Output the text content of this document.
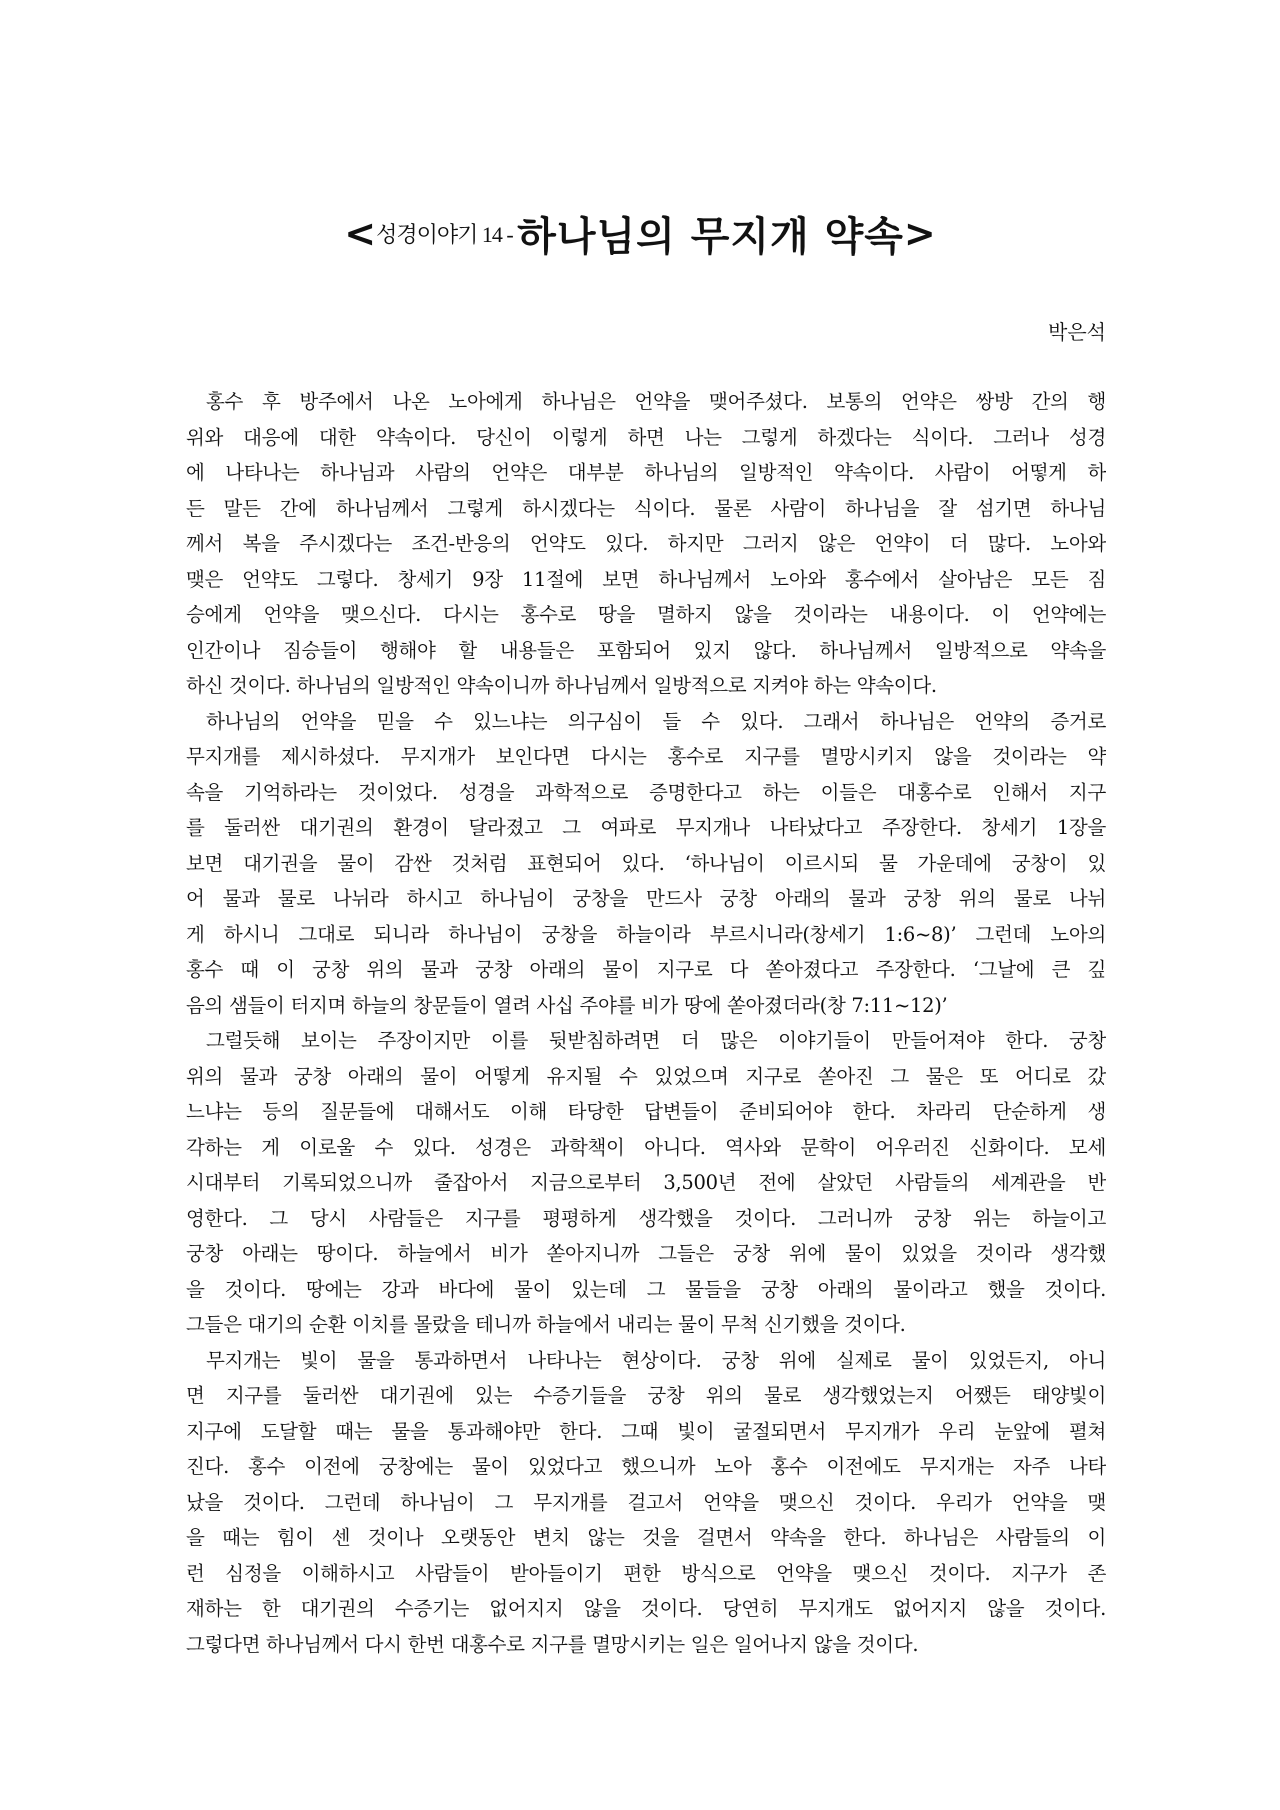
<성경이야기 14 - 하나님의 무지개 약속>
박은석
홍수 후 방주에서 나온 노아에게 하나님은 언약을 맺어주셨다. 보통의 언약은 쌍방 간의 행
위와 대응에 대한 약속이다. 당신이 이렇게 하면 나는 그렇게 하겠다는 식이다. 그러나 성경
에 나타나는 하나님과 사람의 언약은 대부분 하나님의 일방적인 약속이다. 사람이 어떻게 하
든 말든 간에 하나님께서 그렇게 하시겠다는 식이다. 물론 사람이 하나님을 잘 섬기면 하나님
께서 복을 주시겠다는 조건-반응의 언약도 있다. 하지만 그러지 않은 언약이 더 많다. 노아와
맺은 언약도 그렇다. 창세기 9장 11절에 보면 하나님께서 노아와 홍수에서 살아남은 모든 짐
승에게 언약을 맺으신다. 다시는 홍수로 땅을 멸하지 않을 것이라는 내용이다. 이 언약에는
인간이나 짐승들이 행해야 할 내용들은 포함되어 있지 않다. 하나님께서 일방적으로 약속을
하신 것이다. 하나님의 일방적인 약속이니까 하나님께서 일방적으로 지켜야 하는 약속이다.
하나님의 언약을 믿을 수 있느냐는 의구심이 들 수 있다. 그래서 하나님은 언약의 증거로
무지개를 제시하셨다. 무지개가 보인다면 다시는 홍수로 지구를 멸망시키지 않을 것이라는 약
속을 기억하라는 것이었다. 성경을 과학적으로 증명한다고 하는 이들은 대홍수로 인해서 지구
를 둘러싼 대기권의 환경이 달라졌고 그 여파로 무지개나 나타났다고 주장한다. 창세기 1장을
보면 대기권을 물이 감싼 것처럼 표현되어 있다. ‘하나님이 이르시되 물 가운데에 궁창이 있
어 물과 물로 나뉘라 하시고 하나님이 궁창을 만드사 궁창 아래의 물과 궁창 위의 물로 나뉘
게 하시니 그대로 되니라 하나님이 궁창을 하늘이라 부르시니라(창세기 1:6~8)’ 그런데 노아의
홍수 때 이 궁창 위의 물과 궁창 아래의 물이 지구로 다 쏟아졌다고 주장한다. ‘그날에 큰 깊
음의 샘들이 터지며 하늘의 창문들이 열려 사십 주야를 비가 땅에 쏟아졌더라(창 7:11~12)’
그럴듯해 보이는 주장이지만 이를 뒷받침하려면 더 많은 이야기들이 만들어져야 한다. 궁창
위의 물과 궁창 아래의 물이 어떻게 유지될 수 있었으며 지구로 쏟아진 그 물은 또 어디로 갔
느냐는 등의 질문들에 대해서도 이해 타당한 답변들이 준비되어야 한다. 차라리 단순하게 생
각하는 게 이로울 수 있다. 성경은 과학책이 아니다. 역사와 문학이 어우러진 신화이다. 모세
시대부터 기록되었으니까 줄잡아서 지금으로부터 3,500년 전에 살았던 사람들의 세계관을 반
영한다. 그 당시 사람들은 지구를 평평하게 생각했을 것이다. 그러니까 궁창 위는 하늘이고
궁창 아래는 땅이다. 하늘에서 비가 쏟아지니까 그들은 궁창 위에 물이 있었을 것이라 생각했
을 것이다. 땅에는 강과 바다에 물이 있는데 그 물들을 궁창 아래의 물이라고 했을 것이다.
그들은 대기의 순환 이치를 몰랐을 테니까 하늘에서 내리는 물이 무척 신기했을 것이다.
무지개는 빛이 물을 통과하면서 나타나는 현상이다. 궁창 위에 실제로 물이 있었든지, 아니
면 지구를 둘러싼 대기권에 있는 수증기들을 궁창 위의 물로 생각했었는지 어쨌든 태양빛이
지구에 도달할 때는 물을 통과해야만 한다. 그때 빛이 굴절되면서 무지개가 우리 눈앞에 펼쳐
진다. 홍수 이전에 궁창에는 물이 있었다고 했으니까 노아 홍수 이전에도 무지개는 자주 나타
났을 것이다. 그런데 하나님이 그 무지개를 걸고서 언약을 맺으신 것이다. 우리가 언약을 맺
을 때는 힘이 센 것이나 오랫동안 변치 않는 것을 걸면서 약속을 한다. 하나님은 사람들의 이
런 심정을 이해하시고 사람들이 받아들이기 편한 방식으로 언약을 맺으신 것이다. 지구가 존
재하는 한 대기권의 수증기는 없어지지 않을 것이다. 당연히 무지개도 없어지지 않을 것이다.
그렇다면 하나님께서 다시 한번 대홍수로 지구를 멸망시키는 일은 일어나지 않을 것이다.
